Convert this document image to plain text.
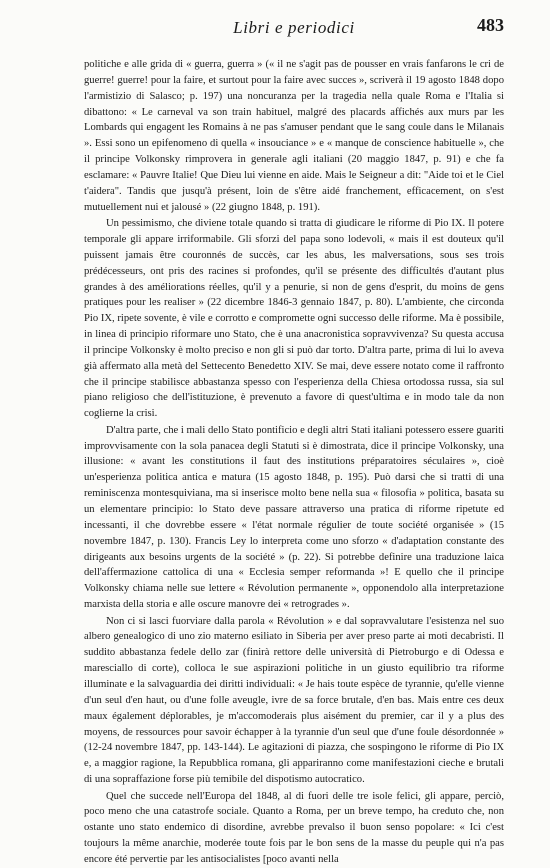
Libri e periodici	483

politiche e alle grida di « guerra, guerra » (« il ne s'agit pas de pousser en vrais fanfarons le cri de guerre! guerre! pour la faire, et surtout pour la faire avec succes », scriverà il 19 agosto 1848 dopo l'armistizio di Salasco; p. 197) una noncuranza per la tragedia nella quale Roma e l'Italia si dibattono: « Le carneval va son train habituel, malgré des placards affichés aux murs par les Lombards qui engagent les Romains à ne pas s'amuser pendant que le sang coule dans le Milanais ». Essi sono un epifenomeno di quella « insouciance » e « manque de conscience habituelle », che il principe Volkonsky rimprovera in generale agli italiani (20 maggio 1847, p. 91) e che fa esclamare: « Pauvre Italie! Que Dieu lui vienne en aide. Mais le Seigneur a dit: "Aide toi et le Ciel t'aidera". Tandis que jusqu'à présent, loin de s'être aidé franchement, efficacement, on s'est mutuellement nui et jalousé » (22 giugno 1848, p. 191).

Un pessimismo, che diviene totale quando si tratta di giudicare le riforme di Pio IX. Il potere temporale gli appare irriformabile. Gli sforzi del papa sono lodevoli, « mais il est douteux qu'il puissent jamais être couronnés de succès, car les abus, les malversations, sous ses trois prédécesseurs, ont pris des racines si profondes, qu'il se présente des difficultés d'autant plus grandes à des améliorations réelles, qu'il y a penurie, si non de gens d'esprit, du moins de gens pratiques pour les realiser » (22 dicembre 1846-3 gennaio 1847, p. 80). L'ambiente, che circonda Pio IX, ripete sovente, è vile e corrotto e compromette ogni successo delle riforme. Ma è possibile, in linea di principio riformare uno Stato, che è una anacronistica sopravvivenza? Su questa accusa il principe Volkonsky è molto preciso e non gli si può dar torto. D'altra parte, prima di lui lo aveva già affermato alla metà del Settecento Benedetto XIV. Se mai, deve essere notato come il raffronto che il principe stabilisce abbastanza spesso con l'esperienza della Chiesa ortodossa russa, sia sul piano religioso che dell'istituzione, è prevenuto a favore di quest'ultima e in modo tale da non coglierne la crisi.

D'altra parte, che i mali dello Stato pontificio e degli altri Stati italiani potessero essere guariti improvvisamente con la sola panacea degli Statuti si è dimostrata, dice il principe Volkonsky, una illusione: « avant les constitutions il faut des institutions préparatoires séculaires », cioè un'esperienza politica antica e matura (15 agosto 1848, p. 195). Può darsi che si tratti di una reminiscenza montesquiviana, ma si inserisce molto bene nella sua « filosofia » politica, basata su un elementare principio: lo Stato deve passare attraverso una pratica di riforme ripetute ed incessanti, il che dovrebbe essere « l'état normale régulier de toute société organisée » (15 novembre 1847, p. 130). Francis Ley lo interpreta come uno sforzo « d'adaptation constante des dirigeants aux besoins urgents de la société » (p. 22). Si potrebbe definire una traduzione laica dell'affermazione cattolica di una « Ecclesia semper reformanda »! E quello che il principe Volkonsky chiama nelle sue lettere « Révolution permanente », opponendolo alla interpretazione marxista della storia e alle oscure manovre dei « retrogrades ».

Non ci si lasci fuorviare dalla parola « Révolution » e dal sopravvalutare l'esistenza nel suo albero genealogico di uno zio materno esiliato in Siberia per aver preso parte ai moti decabristi. Il suddito abbastanza fedele dello zar (finirà rettore delle università di Pietroburgo e di Odessa e maresciallo di corte), colloca le sue aspirazioni politiche in un giusto equilibrio tra riforme illuminate e la salvaguardia dei diritti individuali: « Je hais toute espèce de tyrannie, qu'elle vienne d'un seul d'en haut, ou d'une folle aveugle, ivre de sa force brutale, d'en bas. Mais entre ces deux maux également déplorables, je m'accomoderais plus aisément du premier, car il y a plus des moyens, de ressources pour savoir échapper à la tyrannie d'un seul que d'une foule désordonnée » (12-24 novembre 1847, pp. 143-144). Le agitazioni di piazza, che sospingono le riforme di Pio IX e, a maggior ragione, la Repubblica romana, gli appariranno come manifestazioni cieche e brutali di una sopraffazione forse più temibile del dispotismo autocratico.

Quel che succede nell'Europa del 1848, al di fuori delle tre isole felici, gli appare, perciò, poco meno che una catastrofe sociale. Quanto a Roma, per un breve tempo, ha creduto che, non ostante uno stato endemico di disordine, avrebbe prevalso il buon senso popolare: « Ici c'est toujours la même anarchie, moderée toute fois par le bon sens de la masse du peuple qui n'a pas encore été pervertie par les antisocialistes [poco avanti nella
